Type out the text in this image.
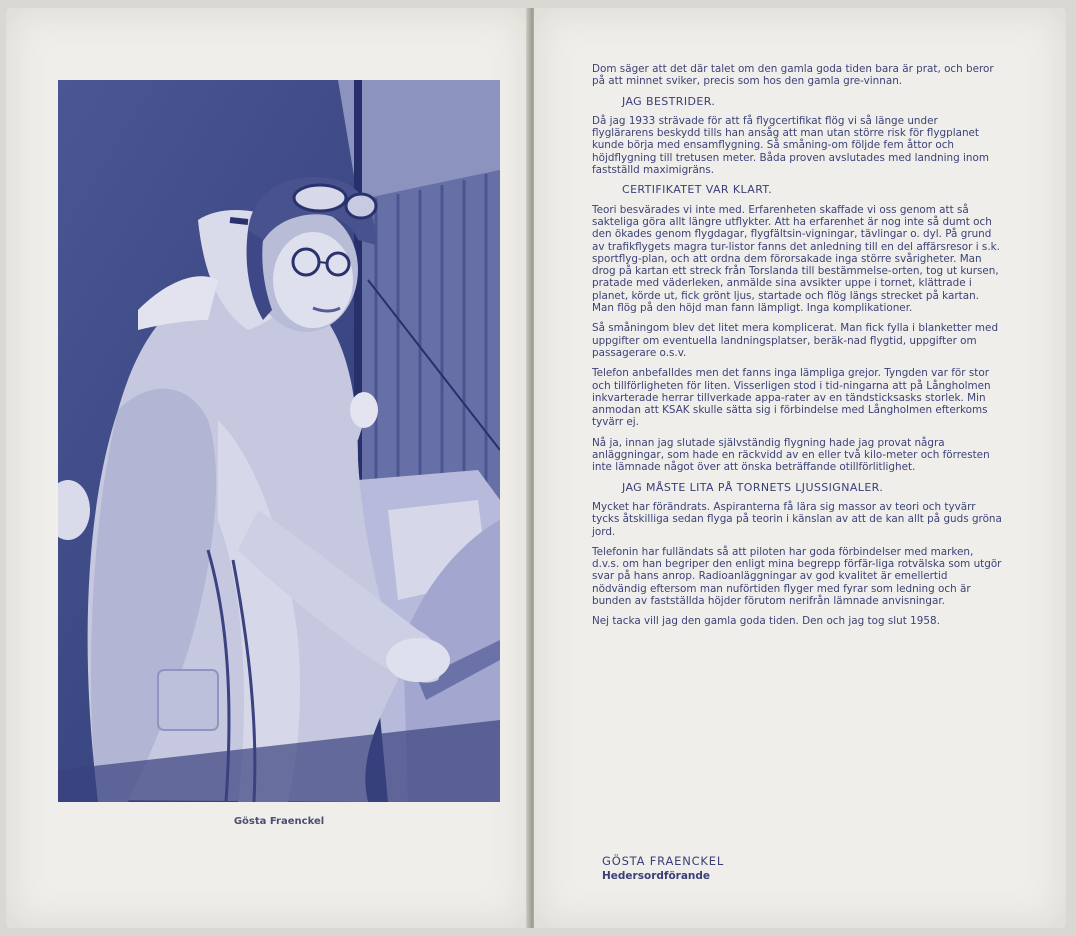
Gösta Fraenckel

Dom säger att det där talet om den gamla goda tiden bara är prat, och beror på att minnet sviker, precis som hos den gamla gre-vinnan.

JAG BESTRIDER.

Då jag 1933 strävade för att få flygcertifikat flög vi så länge under flyglärarens beskydd tills han ansåg att man utan större risk för flygplanet kunde börja med ensamflygning. Så småning-om följde fem åttor och höjdflygning till tretusen meter. Båda proven avslutades med landning inom fastställd maximigräns.

CERTIFIKATET VAR KLART.

Teori besvärades vi inte med. Erfarenheten skaffade vi oss genom att så sakteliga göra allt längre utflykter. Att ha erfarenhet är nog inte så dumt och den ökades genom flygdagar, flygfältsin-vigningar, tävlingar o. dyl. På grund av trafikflygets magra tur-listor fanns det anledning till en del affärsresor i s.k. sportflyg-plan, och att ordna dem förorsakade inga större svårigheter. Man drog på kartan ett streck från Torslanda till bestämmelse-orten, tog ut kursen, pratade med väderleken, anmälde sina avsikter uppe i tornet, klättrade i planet, körde ut, fick grönt ljus, startade och flög längs strecket på kartan. Man flög på den höjd man fann lämpligt. Inga komplikationer.

Så småningom blev det litet mera komplicerat. Man fick fylla i blanketter med uppgifter om eventuella landningsplatser, beräk-nad flygtid, uppgifter om passagerare o.s.v.

Telefon anbefalldes men det fanns inga lämpliga grejor. Tyngden var för stor och tillförligheten för liten. Visserligen stod i tid-ningarna att på Långholmen inkvarterade herrar tillverkade appa-rater av en tändsticksasks storlek. Min anmodan att KSAK skulle sätta sig i förbindelse med Långholmen efterkoms tyvärr ej.

Nå ja, innan jag slutade självständig flygning hade jag provat några anläggningar, som hade en räckvidd av en eller två kilo-meter och förresten inte lämnade något över att önska beträffande otillförlitlighet.

JAG MÅSTE LITA PÅ TORNETS LJUSSIGNALER.

Mycket har förändrats. Aspiranterna få lära sig massor av teori och tyvärr tycks åtskilliga sedan flyga på teorin i känslan av att de kan allt på guds gröna jord.

Telefonin har fulländats så att piloten har goda förbindelser med marken, d.v.s. om han begriper den enligt mina begrepp förfär-liga rotvälska som utgör svar på hans anrop. Radioanläggningar av god kvalitet är emellertid nödvändig eftersom man nuförtiden flyger med fyrar som ledning och är bunden av fastställda höjder förutom nerifrån lämnade anvisningar.

Nej tacka vill jag den gamla goda tiden. Den och jag tog slut 1958.

GÖSTA FRAENCKEL
Hedersordförande
